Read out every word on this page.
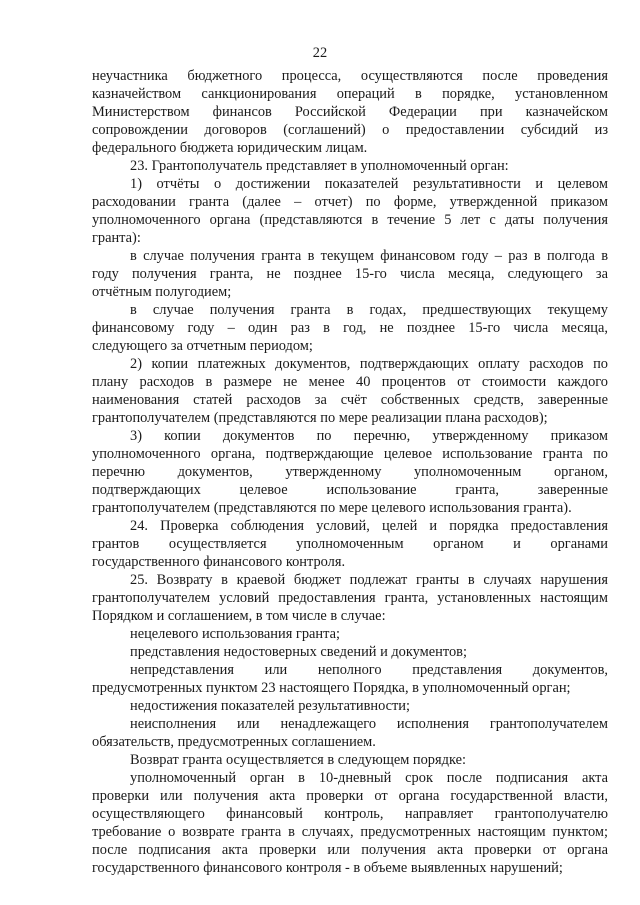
22

неучастника бюджетного процесса, осуществляются после проведения

казначейством санкционирования операций в порядке, установленном

Министерством финансов Российской Федерации при казначейском

сопровождении договоров (соглашений) о предоставлении субсидий из

федерального бюджета юридическим лицам.

23. Грантополучатель представляет в уполномоченный орган:

1) отчёты о достижении показателей результативности и целевом

расходовании гранта (далее – отчет) по форме, утвержденной приказом

уполномоченного органа (представляются в течение 5 лет с даты получения

гранта):

в случае получения гранта в текущем финансовом году – раз в полгода в

году получения гранта, не позднее 15-го числа месяца, следующего за

отчётным полугодием;

в случае получения гранта в годах, предшествующих текущему

финансовому году – один раз в год, не позднее 15-го числа месяца,

следующего за отчетным периодом;

2) копии платежных документов, подтверждающих оплату расходов по

плану расходов в размере не менее 40 процентов от стоимости каждого

наименования статей расходов за счёт собственных средств, заверенные

грантополучателем (представляются по мере реализации плана расходов);

3) копии документов по перечню, утвержденному приказом

уполномоченного органа, подтверждающие целевое использование гранта по

перечню документов, утвержденному уполномоченным органом,

подтверждающих целевое использование гранта, заверенные

грантополучателем (представляются по мере целевого использования гранта).

24. Проверка соблюдения условий, целей и порядка предоставления

грантов осуществляется уполномоченным органом и органами

государственного финансового контроля.

25. Возврату в краевой бюджет подлежат гранты в случаях нарушения

грантополучателем условий предоставления гранта, установленных настоящим

Порядком и соглашением, в том числе в случае:

нецелевого использования гранта;

представления недостоверных сведений и документов;

непредставления или неполного представления документов,

предусмотренных пунктом 23 настоящего Порядка, в уполномоченный орган;

недостижения показателей результативности;

неисполнения или ненадлежащего исполнения грантополучателем

обязательств, предусмотренных соглашением.

Возврат гранта осуществляется в следующем порядке:

уполномоченный орган в 10-дневный срок после подписания акта

проверки или получения акта проверки от органа государственной власти,

осуществляющего финансовый контроль, направляет грантополучателю

требование о возврате гранта в случаях, предусмотренных настоящим пунктом;

после подписания акта проверки или получения акта проверки от органа

государственного финансового контроля - в объеме выявленных нарушений;
